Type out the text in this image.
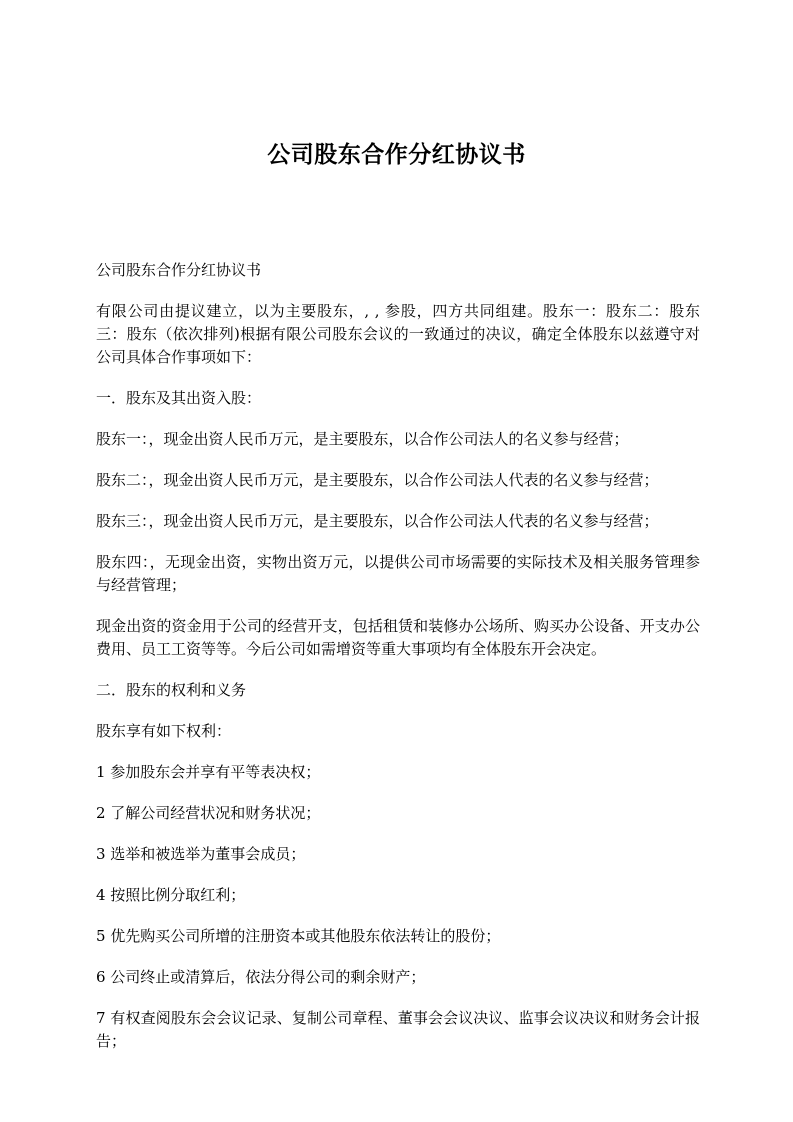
公司股东合作分红协议书

公司股东合作分红协议书

有限公司由提议建立，以为主要股东，, , 参股，四方共同组建。股东一：股东二：股东三：股东（依次排列)根据有限公司股东会议的一致通过的决议，确定全体股东以兹遵守对公司具体合作事项如下：

一．股东及其出资入股：

股东一：，现金出资人民币万元，是主要股东，以合作公司法人的名义参与经营；

股东二：，现金出资人民币万元，是主要股东，以合作公司法人代表的名义参与经营；

股东三：，现金出资人民币万元，是主要股东，以合作公司法人代表的名义参与经营；

股东四：，无现金出资，实物出资万元，以提供公司市场需要的实际技术及相关服务管理参与经营管理；

现金出资的资金用于公司的经营开支，包括租赁和装修办公场所、购买办公设备、开支办公费用、员工工资等等。今后公司如需增资等重大事项均有全体股东开会决定。

二．股东的权利和义务

股东享有如下权利：

1 参加股东会并享有平等表决权；

2 了解公司经营状况和财务状况；

3 选举和被选举为董事会成员；

4 按照比例分取红利；

5 优先购买公司所增的注册资本或其他股东依法转让的股份；

6 公司终止或清算后，依法分得公司的剩余财产；

7 有权查阅股东会会议记录、复制公司章程、董事会会议决议、监事会议决议和财务会计报告；
